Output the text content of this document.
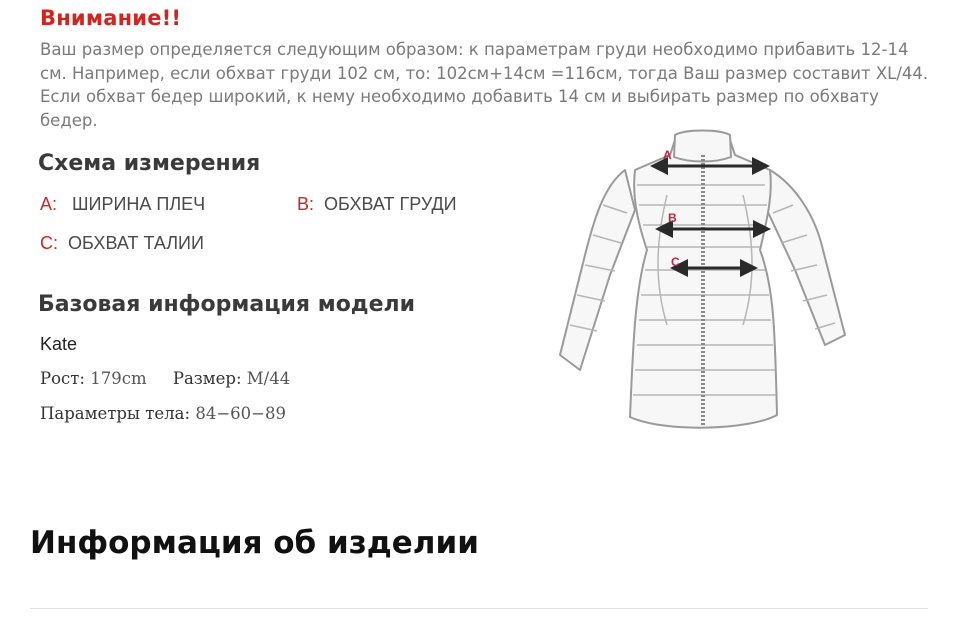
Внимание!!
Ваш размер определяется следующим образом: к параметрам груди необходимо прибавить 12-14 см. Например, если обхват груди 102 см, то: 102см+14см =116см, тогда Ваш размер составит XL/44. Если обхват бедер широкий, к нему необходимо добавить 14 см и выбирать размер по обхвату бедер.
Схема измерения
A: ШИРИНА ПЛЕЧ	B: ОБХВАТ ГРУДИ
C: ОБХВАТ ТАЛИИ
Базовая информация модели
Kate
Рост: 179cm Размер: M/44
Параметры тела: 84−60−89
A
B
C
Информация об изделии
